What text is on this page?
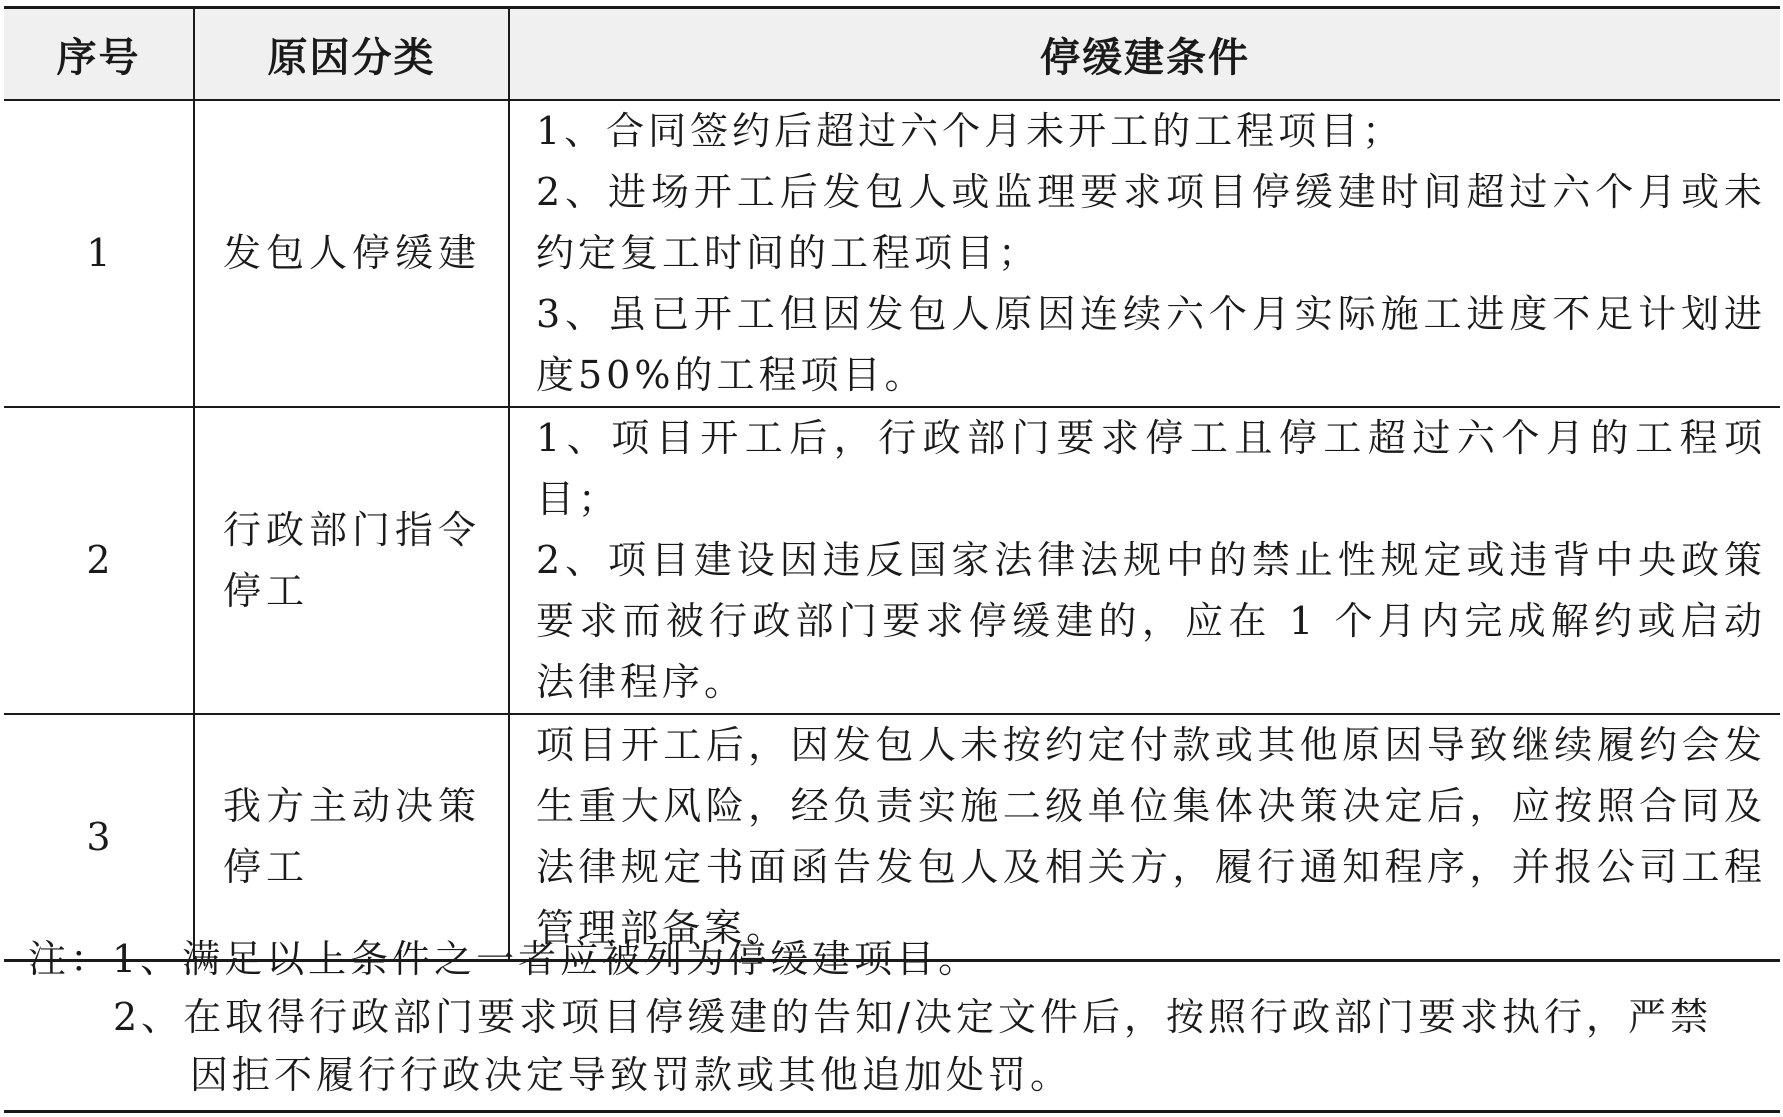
序号	原因分类	停缓建条件
1	发包人停缓建	1、合同签约后超过六个月未开工的工程项目；

2、进场开工后发包人或监理要求项目停缓建时间超过六个月或未约定复工时间的工程项目；

3、虽已开工但因发包人原因连续六个月实际施工进度不足计划进度50%的工程项目。

2	行政部门指令停工	1、项目开工后，行政部门要求停工且停工超过六个月的工程项目；

2、项目建设因违反国家法律法规中的禁止性规定或违背中央政策要求而被行政部门要求停缓建的，应在 1 个月内完成解约或启动法律程序。

3	我方主动决策停工	项目开工后，因发包人未按约定付款或其他原因导致继续履约会发生重大风险，经负责实施二级单位集体决策决定后，应按照合同及法律规定书面函告发包人及相关方，履行通知程序，并报公司工程管理部备案。

注：1、满足以上条件之一者应被列为停缓建项目。

2、在取得行政部门要求项目停缓建的告知/决定文件后，按照行政部门要求执行，严禁
因拒不履行行政决定导致罚款或其他追加处罚。
